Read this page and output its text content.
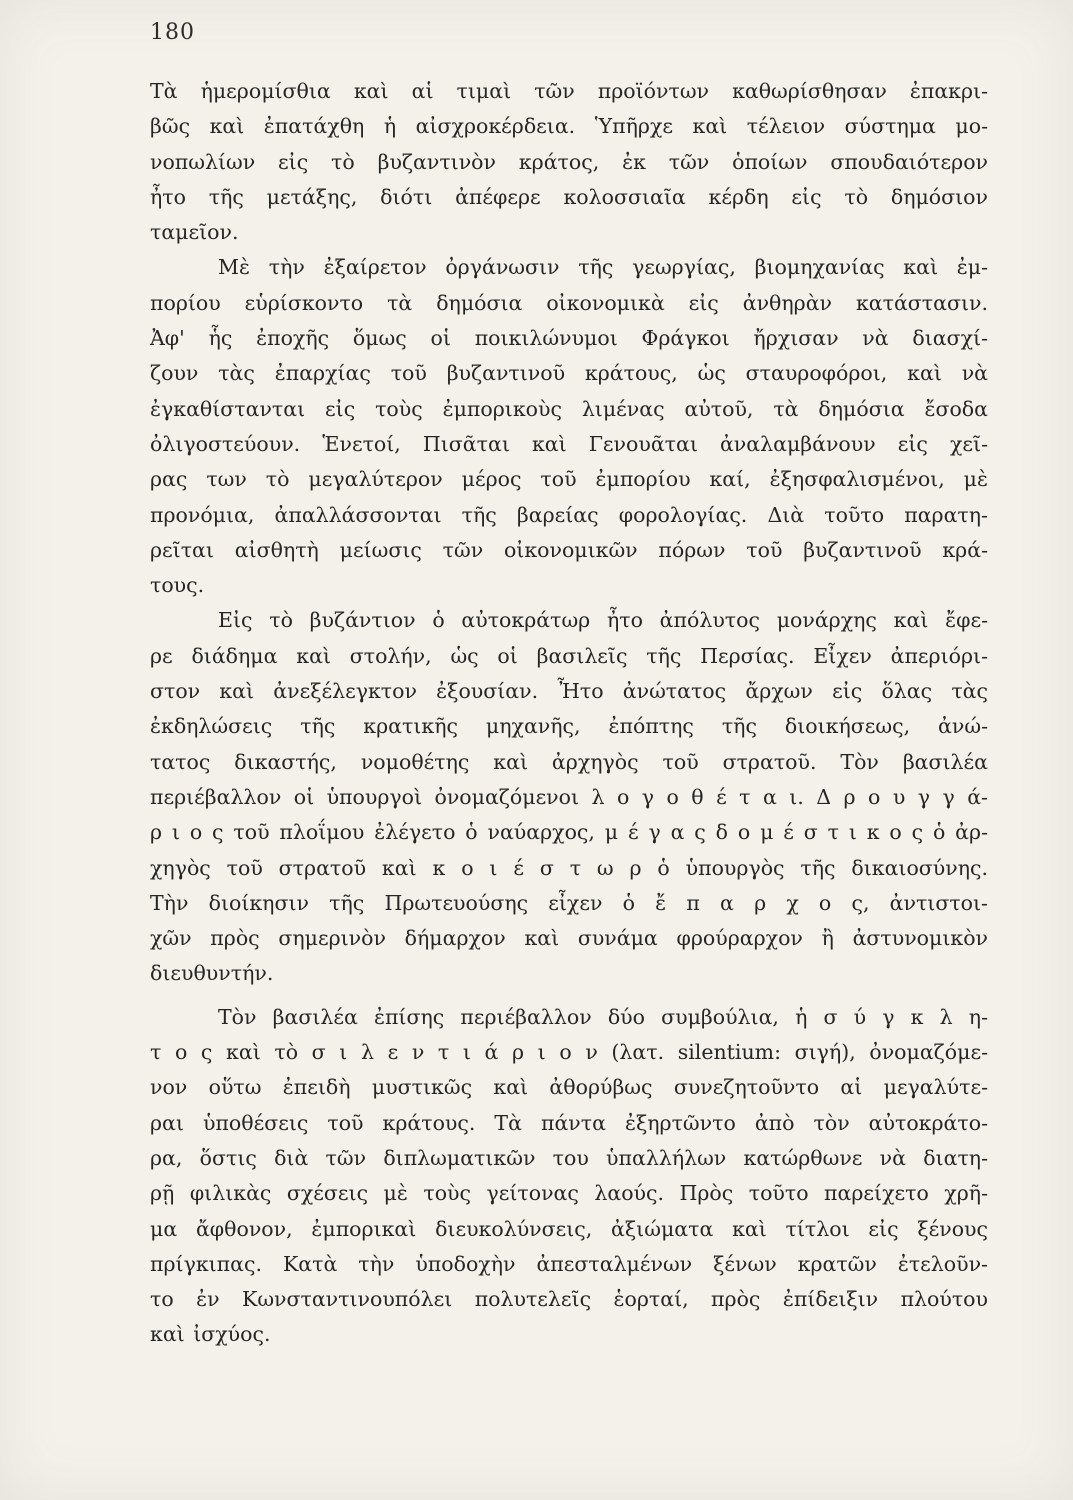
180
Τὰ ἡμερομίσθια καὶ αἱ τιμαὶ τῶν προϊόντων καθωρίσθησαν ἐπακρι-
βῶς καὶ ἐπατάχθη ἡ αἰσχροκέρδεια. Ὑπῆρχε καὶ τέλειον σύστημα μο-
νοπωλίων εἰς τὸ βυζαντινὸν κράτος, ἐκ τῶν ὁποίων σπουδαιότερον
ἦτο τῆς μετάξης, διότι ἀπέφερε κολοσσιαῖα κέρδη εἰς τὸ δημόσιον
ταμεῖον.
Μὲ τὴν ἐξαίρετον ὀργάνωσιν τῆς γεωργίας, βιομηχανίας καὶ ἐμ-
πορίου εὑρίσκοντο τὰ δημόσια οἰκονομικὰ εἰς ἀνθηρὰν κατάστασιν.
Ἀφ' ἧς ἐποχῆς ὅμως οἱ ποικιλώνυμοι Φράγκοι ἤρχισαν νὰ διασχί-
ζουν τὰς ἐπαρχίας τοῦ βυζαντινοῦ κράτους, ὡς σταυροφόροι, καὶ νὰ
ἐγκαθίστανται εἰς τοὺς ἐμπορικοὺς λιμένας αὐτοῦ, τὰ δημόσια ἔσοδα
ὀλιγοστεύουν. Ἑνετοί, Πισᾶται καὶ Γενουᾶται ἀναλαμβάνουν εἰς χεῖ-
ρας των τὸ μεγαλύτερον μέρος τοῦ ἐμπορίου καί, ἐξησφαλισμένοι, μὲ
προνόμια, ἀπαλλάσσονται τῆς βαρείας φορολογίας. Διὰ τοῦτο παρατη-
ρεῖται αἰσθητὴ μείωσις τῶν οἰκονομικῶν πόρων τοῦ βυζαντινοῦ κρά-
τους.
Εἰς τὸ βυζάντιον ὁ αὐτοκράτωρ ἦτο ἀπόλυτος μονάρχης καὶ ἔφε-
ρε διάδημα καὶ στολήν, ὡς οἱ βασιλεῖς τῆς Περσίας. Εἶχεν ἀπεριόρι-
στον καὶ ἀνεξέλεγκτον ἐξουσίαν. Ἦτο ἀνώτατος ἄρχων εἰς ὅλας τὰς
ἐκδηλώσεις τῆς κρατικῆς μηχανῆς, ἐπόπτης τῆς διοικήσεως, ἀνώ-
τατος δικαστής, νομοθέτης καὶ ἀρχηγὸς τοῦ στρατοῦ. Τὸν βασιλέα
περιέβαλλον οἱ ὑπουργοὶ ὀνομαζόμενοι λ ο γ ο θ έ τ α ι. Δ ρ ο υ γ γ ά-
ρ ι ο ς τοῦ πλοΐμου ἐλέγετο ὁ ναύαρχος, μ έ γ α ς δ ο μ έ σ τ ι κ ο ς ὁ ἀρ-
χηγὸς τοῦ στρατοῦ καὶ κ ο ι έ σ τ ω ρ ὁ ὑπουργὸς τῆς δικαιοσύνης.
Τὴν διοίκησιν τῆς Πρωτευούσης εἶχεν ὁ ἔ π α ρ χ ο ς, ἀντιστοι-
χῶν πρὸς σημερινὸν δήμαρχον καὶ συνάμα φρούραρχον ἢ ἀστυνομικὸν
διευθυντήν.
Τὸν βασιλέα ἐπίσης περιέβαλλον δύο συμβούλια, ἡ σ ύ γ κ λ η-
τ ο ς καὶ τὸ σ ι λ ε ν τ ι ά ρ ι ο ν (λατ. silentium: σιγή), ὀνομαζόμε-
νον οὕτω ἐπειδὴ μυστικῶς καὶ ἀθορύβως συνεζητοῦντο αἱ μεγαλύτε-
ραι ὑποθέσεις τοῦ κράτους. Τὰ πάντα ἐξηρτῶντο ἀπὸ τὸν αὐτοκράτο-
ρα, ὅστις διὰ τῶν διπλωματικῶν του ὑπαλλήλων κατώρθωνε νὰ διατη-
ρῇ φιλικὰς σχέσεις μὲ τοὺς γείτονας λαούς. Πρὸς τοῦτο παρείχετο χρῆ-
μα ἄφθονον, ἐμπορικαὶ διευκολύνσεις, ἀξιώματα καὶ τίτλοι εἰς ξένους
πρίγκιπας. Κατὰ τὴν ὑποδοχὴν ἀπεσταλμένων ξένων κρατῶν ἐτελοῦν-
το ἐν Κωνσταντινουπόλει πολυτελεῖς ἑορταί, πρὸς ἐπίδειξιν πλούτου
καὶ ἰσχύος.
